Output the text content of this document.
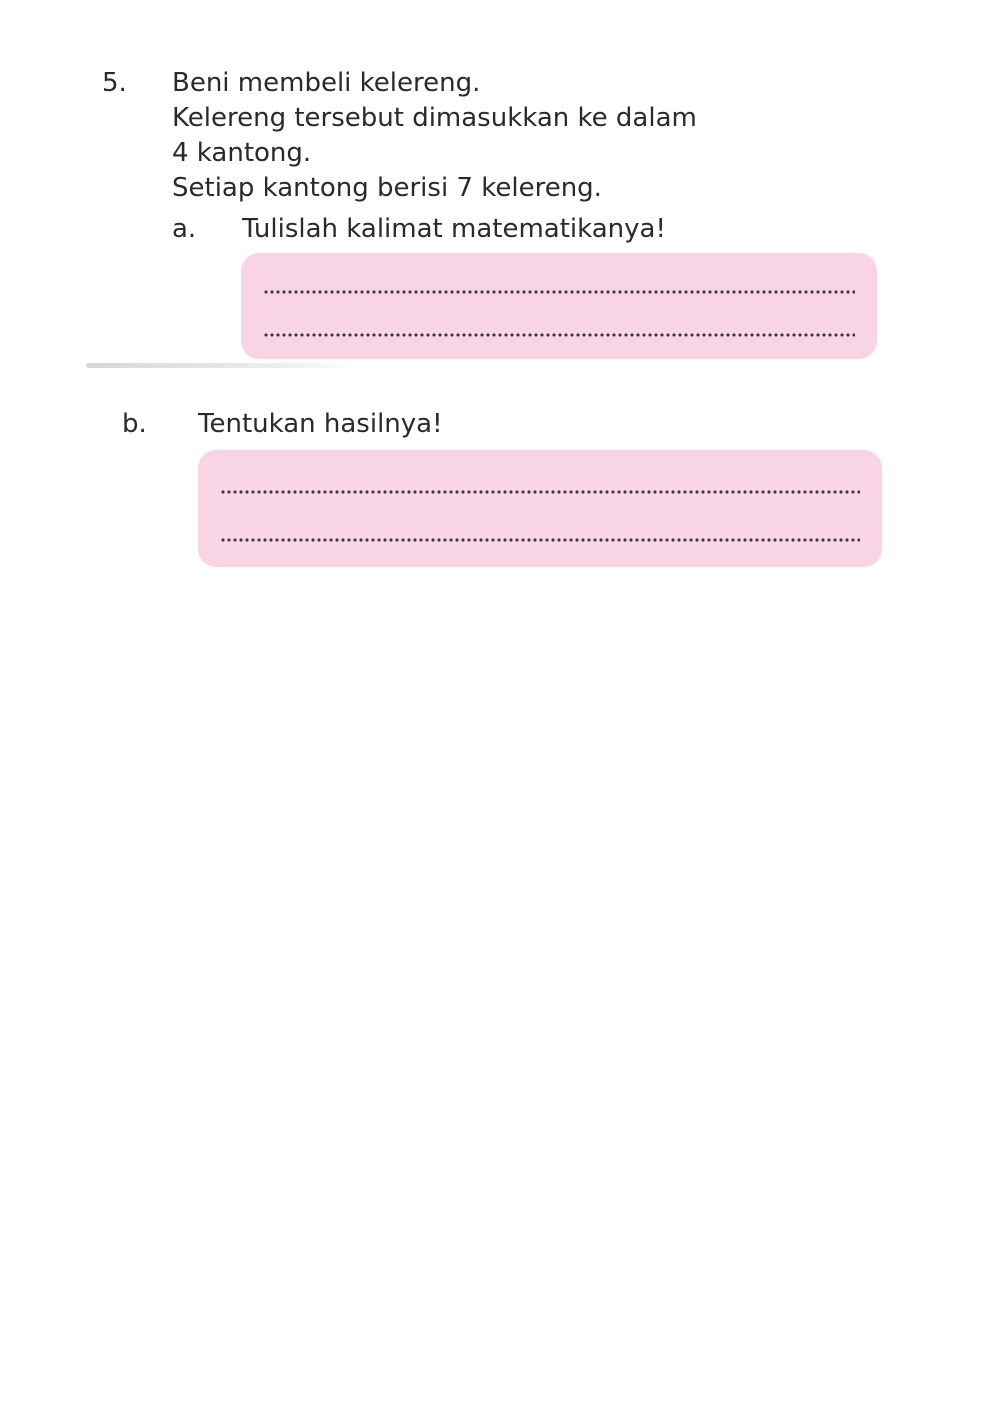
5. Beni membeli kelereng.
Kelereng tersebut dimasukkan ke dalam
4 kantong.
Setiap kantong berisi 7 kelereng.
a. Tulislah kalimat matematikanya!
b. Tentukan hasilnya!
